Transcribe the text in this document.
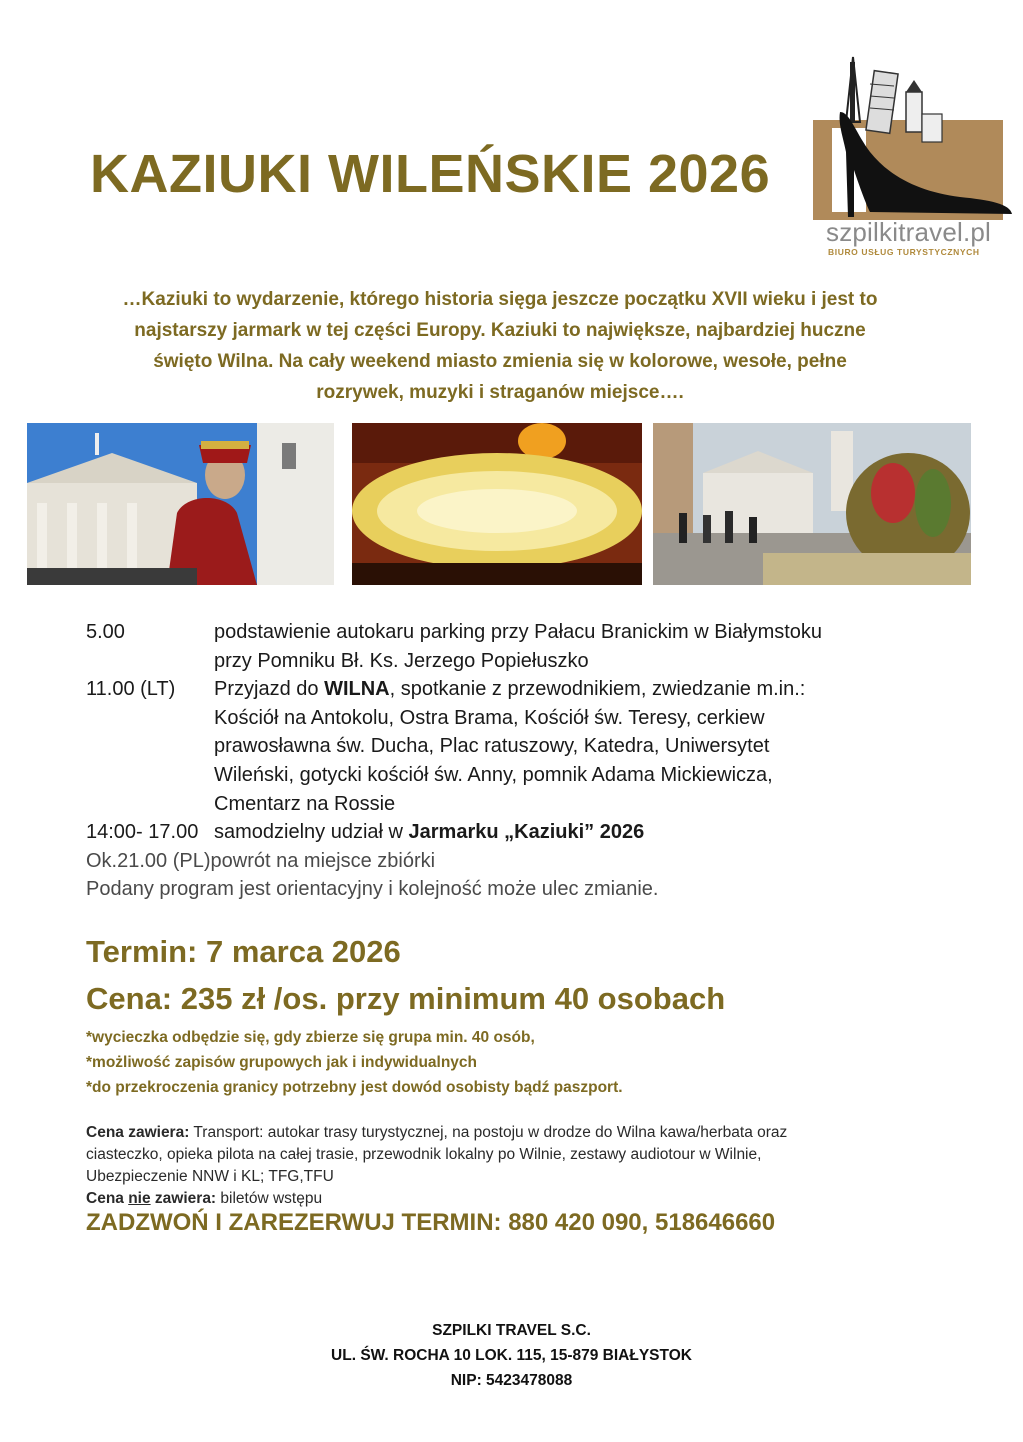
KAZIUKI WILEŃSKIE 2026
szpilkitravel.pl
BIURO USŁUG TURYSTYCZNYCH
…Kaziuki to wydarzenie, którego historia sięga jeszcze początku XVII wieku i jest to
najstarszy jarmark w tej części Europy. Kaziuki to największe, najbardziej huczne
święto Wilna. Na cały weekend miasto zmienia się w kolorowe, wesołe, pełne
rozrywek, muzyki i straganów miejsce….
5.00	podstawienie autokaru parking przy Pałacu Branickim w Białymstoku
przy Pomniku Bł. Ks. Jerzego Popiełuszko
11.00 (LT)	Przyjazd do WILNA, spotkanie z przewodnikiem, zwiedzanie m.in.:
Kościół na Antokolu, Ostra Brama, Kościół św. Teresy, cerkiew
prawosławna św. Ducha, Plac ratuszowy, Katedra, Uniwersytet
Wileński, gotycki kościół św. Anny, pomnik Adama Mickiewicza,
Cmentarz na Rossie
14:00- 17.00 samodzielny udział w Jarmarku „Kaziuki” 2026
Ok.21.00 (PL)powrót na miejsce zbiórki
Podany program jest orientacyjny i kolejność może ulec zmianie.
Termin: 7 marca 2026
Cena: 235 zł /os. przy minimum 40 osobach
*wycieczka odbędzie się, gdy zbierze się grupa min. 40 osób,
*możliwość zapisów grupowych jak i indywidualnych
*do przekroczenia granicy potrzebny jest dowód osobisty bądź paszport.
Cena zawiera: Transport: autokar trasy turystycznej, na postoju w drodze do Wilna kawa/herbata oraz
ciasteczko, opieka pilota na całej trasie, przewodnik lokalny po Wilnie, zestawy audiotour w Wilnie,
Ubezpieczenie NNW i KL; TFG,TFU
Cena nie zawiera: biletów wstępu
ZADZWOŃ I ZAREZERWUJ TERMIN: 880 420 090, 518646660
SZPILKI TRAVEL S.C.
UL. ŚW. ROCHA 10 LOK. 115, 15-879 BIAŁYSTOK
NIP: 5423478088
